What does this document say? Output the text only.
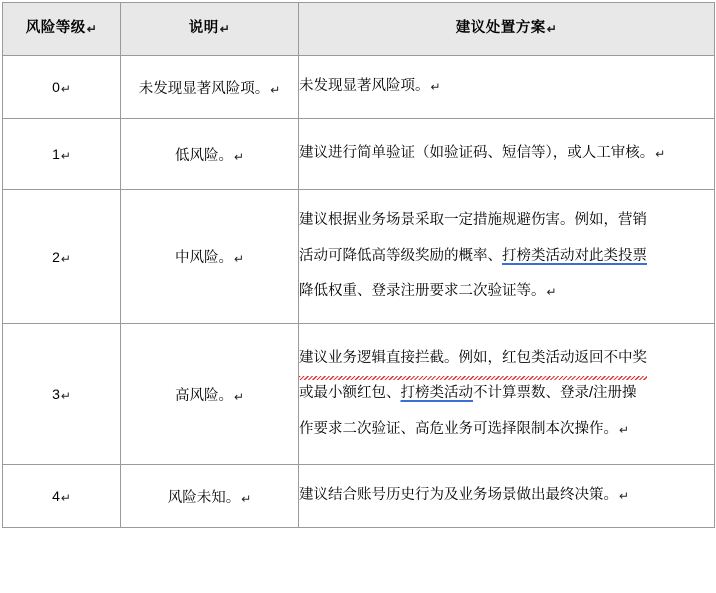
风险等级↵	说明↵	建议处置方案↵

0↵	未发现显著风险项。↵	未发现显著风险项。↵

1↵	低风险。↵	建议进行简单验证（如验证码、短信等），或人工审核。↵

2↵	中风险。↵	建议根据业务场景采取一定措施规避伤害。例如，营销
活动可降低高等级奖励的概率、打榜类活动对此类投票
降低权重、登录注册要求二次验证等。↵

3↵	高风险。↵	建议业务逻辑直接拦截。例如，红包类活动返回不中奖
或最小额红包、打榜类活动不计算票数、登录/注册操
作要求二次验证、高危业务可选择限制本次操作。↵

4↵	风险未知。↵	建议结合账号历史行为及业务场景做出最终决策。↵
